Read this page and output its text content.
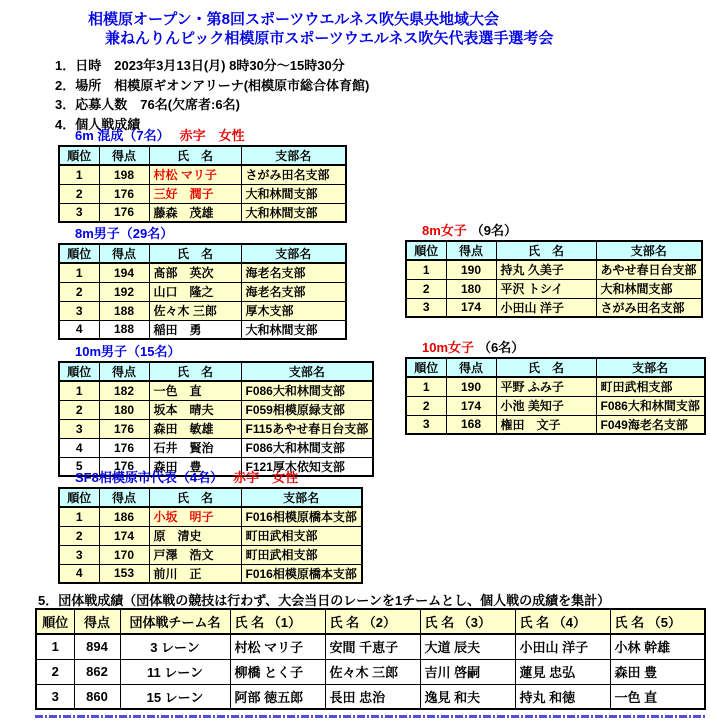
相模原オープン・第8回スポーツウエルネス吹矢県央地域大会
兼ねんりんピック相模原市スポーツウエルネス吹矢代表選手選考会
1．日時　2023年3月13日(月) 8時30分～15時30分
2．場所　相模原ギオンアリーナ(相模原市総合体育館)
3．応募人数　76名(欠席者:6名)
4．個人戦成績
6m 混成（7名） 赤字　女性
順位	得点	氏　名	支部名
1	198	村松 マリ子	さがみ田名支部
2	176	三好　潤子	大和林間支部
3	176	藤森　茂雄	大和林間支部
8m男子（29名）
順位	得点	氏　名	支部名
1	194	髙部　英次	海老名支部
2	192	山口　隆之	海老名支部
3	188	佐々木 三郎	厚木支部
4	188	稲田　勇	大和林間支部
8m女子 （9名）
順位	得点	氏　名	支部名
1	190	持丸 久美子	あやせ春日台支部
2	180	平沢 トシイ	大和林間支部
3	174	小田山 洋子	さがみ田名支部
10m男子（15名）
順位	得点	氏　名	支部名
1	182	一色　直	F086大和林間支部
2	180	坂本　晴夫	F059相模原緑支部
3	176	森田　敏雄	F115あやせ春日台支部
4	176	石井　賢治	F086大和林間支部
5	176	森田　豊	F121厚木依知支部
10m女子 （6名）
順位	得点	氏　名	支部名
1	190	平野 ふみ子	町田武相支部
2	174	小池 美知子	F086大和林間支部
3	168	権田　文子	F049海老名支部
SF8相模原市代表（4名） 赤字　女性
順位	得点	氏　名	支部名
1	186	小坂　明子	F016相模原橋本支部
2	174	原　清史	町田武相支部
3	170	戸澤　浩文	町田武相支部
4	153	前川　正	F016相模原橋本支部
5．団体戦成績（団体戦の競技は行わず、大会当日のレーンを1チームとし、個人戦の成績を集計）
順位	得点	団体戦チーム名	氏 名 （1）	氏 名 （2）	氏 名 （3）	氏 名 （4）	氏 名 （5）
1	894	3 レーン	村松 マリ子	安間 千恵子	大道 辰夫	小田山 洋子	小林 幹雄
2	862	11 レーン	柳橋 とく子	佐々木 三郎	吉川 啓嗣	蓮見 忠弘	森田 豊
3	860	15 レーン	阿部 徳五郎	長田 忠治	逸見 和夫	持丸 和徳	一色 直
